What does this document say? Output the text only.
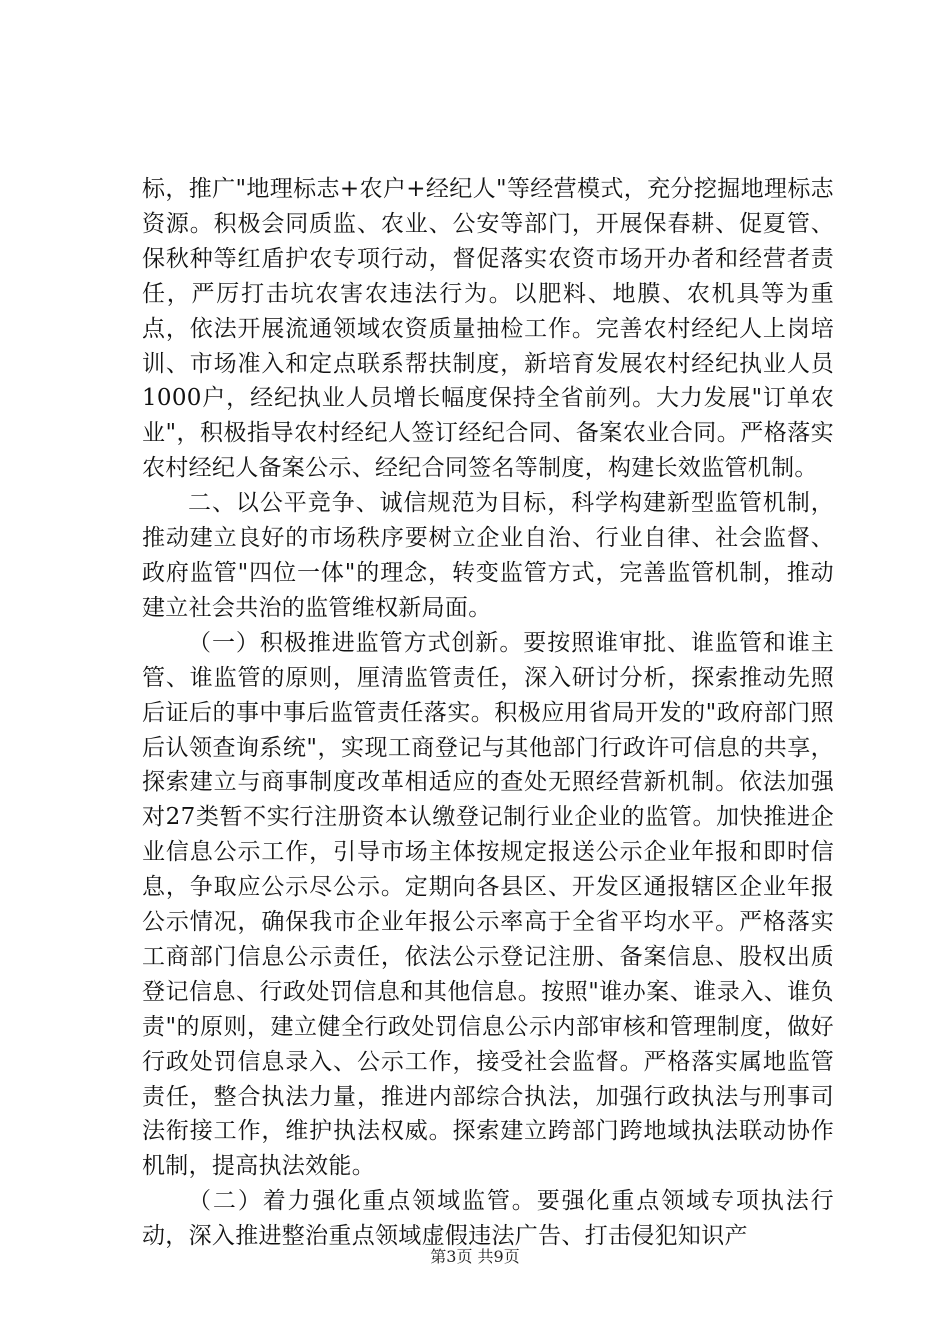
标，推广"地理标志+农户+经纪人"等经营模式，充分挖掘地理标志资源。积极会同质监、农业、公安等部门，开展保春耕、促夏管、保秋种等红盾护农专项行动，督促落实农资市场开办者和经营者责任，严厉打击坑农害农违法行为。以肥料、地膜、农机具等为重点，依法开展流通领域农资质量抽检工作。完善农村经纪人上岗培训、市场准入和定点联系帮扶制度，新培育发展农村经纪执业人员1000户，经纪执业人员增长幅度保持全省前列。大力发展"订单农业"，积极指导农村经纪人签订经纪合同、备案农业合同。严格落实农村经纪人备案公示、经纪合同签名等制度，构建长效监管机制。

二、以公平竞争、诚信规范为目标，科学构建新型监管机制，推动建立良好的市场秩序要树立企业自治、行业自律、社会监督、政府监管"四位一体"的理念，转变监管方式，完善监管机制，推动建立社会共治的监管维权新局面。

（一）积极推进监管方式创新。要按照谁审批、谁监管和谁主管、谁监管的原则，厘清监管责任，深入研讨分析，探索推动先照后证后的事中事后监管责任落实。积极应用省局开发的"政府部门照后认领查询系统"，实现工商登记与其他部门行政许可信息的共享，探索建立与商事制度改革相适应的查处无照经营新机制。依法加强对27类暂不实行注册资本认缴登记制行业企业的监管。加快推进企业信息公示工作，引导市场主体按规定报送公示企业年报和即时信息，争取应公示尽公示。定期向各县区、开发区通报辖区企业年报公示情况，确保我市企业年报公示率高于全省平均水平。严格落实工商部门信息公示责任，依法公示登记注册、备案信息、股权出质登记信息、行政处罚信息和其他信息。按照"谁办案、谁录入、谁负责"的原则，建立健全行政处罚信息公示内部审核和管理制度，做好行政处罚信息录入、公示工作，接受社会监督。严格落实属地监管责任，整合执法力量，推进内部综合执法，加强行政执法与刑事司法衔接工作，维护执法权威。探索建立跨部门跨地域执法联动协作机制，提高执法效能。

（二）着力强化重点领域监管。要强化重点领域专项执法行动，深入推进整治重点领域虚假违法广告、打击侵犯知识产

第3页 共9页
